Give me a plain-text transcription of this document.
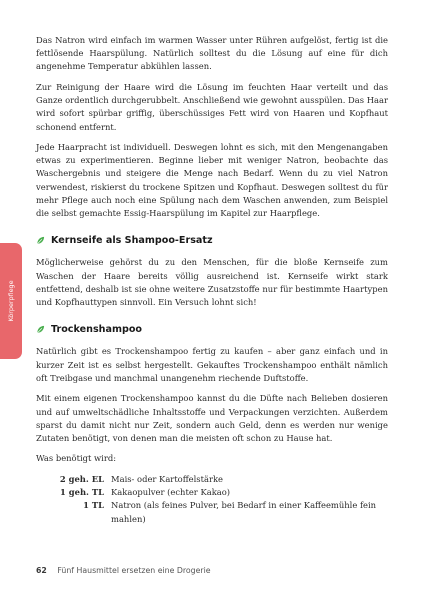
Körperpflege

Das Natron wird einfach im warmen Wasser unter Rühren aufgelöst, fertig ist die fettlösende Haarspülung. Natürlich solltest du die Lösung auf eine für dich angenehme Temperatur abkühlen lassen.

Zur Reinigung der Haare wird die Lösung im feuchten Haar verteilt und das Ganze ordentlich durchgerubbelt. Anschließend wie gewohnt ausspülen. Das Haar wird sofort spürbar griffig, überschüssiges Fett wird von Haaren und Kopfhaut schonend entfernt.

Jede Haarpracht ist individuell. Deswegen lohnt es sich, mit den Mengenangaben etwas zu experimentieren. Beginne lieber mit weniger Natron, beobachte das Waschergebnis und steigere die Menge nach Bedarf. Wenn du zu viel Natron verwendest, riskierst du trockene Spitzen und Kopfhaut. Deswegen solltest du für mehr Pflege auch noch eine Spülung nach dem Waschen anwenden, zum Beispiel die selbst gemachte Essig-Haarspülung im Kapitel zur Haarpflege.

Kernseife als Shampoo-Ersatz

Möglicherweise gehörst du zu den Menschen, für die bloße Kernseife zum Waschen der Haare bereits völlig ausreichend ist. Kernseife wirkt stark entfettend, deshalb ist sie ohne weitere Zusatzstoffe nur für bestimmte Haartypen und Kopfhauttypen sinnvoll. Ein Versuch lohnt sich!

Trockenshampoo

Natürlich gibt es Trockenshampoo fertig zu kaufen – aber ganz einfach und in kurzer Zeit ist es selbst hergestellt. Gekauftes Trockenshampoo enthält nämlich oft Treibgase und manchmal unangenehm riechende Duftstoffe.

Mit einem eigenen Trockenshampoo kannst du die Düfte nach Belieben dosieren und auf umweltschädliche Inhaltsstoffe und Verpackungen verzichten. Außerdem sparst du damit nicht nur Zeit, sondern auch Geld, denn es werden nur wenige Zutaten benötigt, von denen man die meisten oft schon zu Hause hat.

Was benötigt wird:

2 geh. EL Mais- oder Kartoffelstärke
1 geh. TL Kakaopulver (echter Kakao)
1 TL Natron (als feines Pulver, bei Bedarf in einer Kaffeemühle fein mahlen)
62 Fünf Hausmittel ersetzen eine Drogerie
